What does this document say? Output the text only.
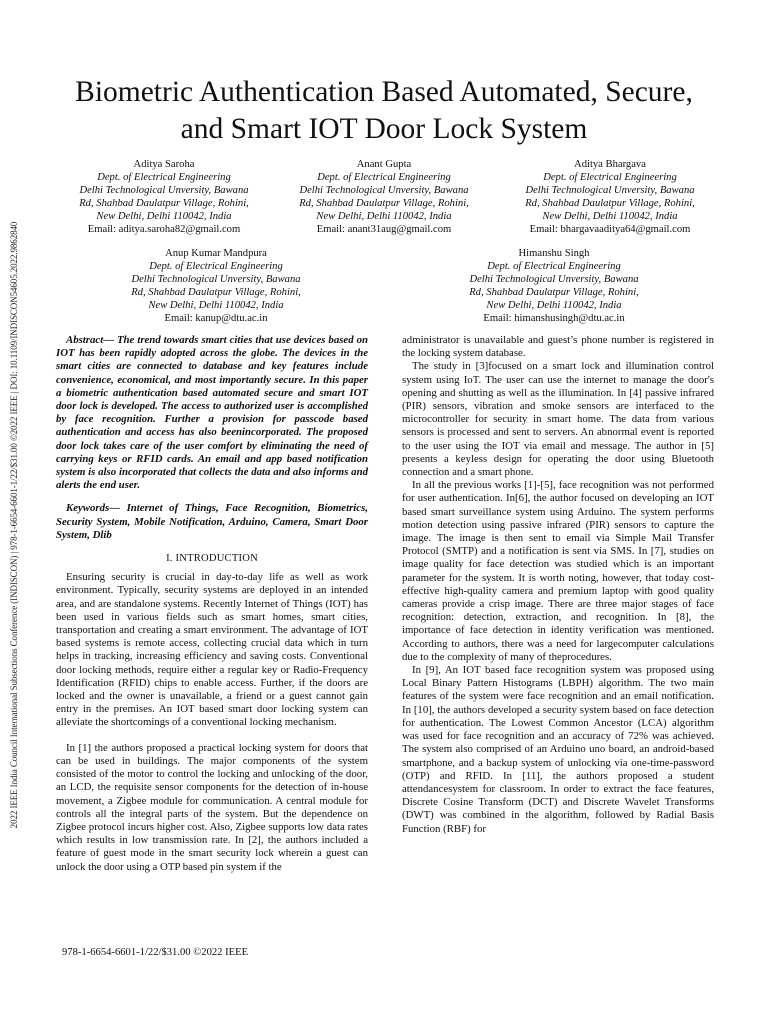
Biometric Authentication Based Automated, Secure,
and Smart IOT Door Lock System
2022 IEEE India Council International Subsections Conference (INDISCON) | 978-1-6654-6601-1/22/$31.00 ©2022 IEEE | DOI: 10.1109/INDISCON54605.2022.9862840
Aditya Saroha
Dept. of Electrical Engineering
Delhi Technological Unversity, Bawana
Rd, Shahbad Daulatpur Village, Rohini,
New Delhi, Delhi 110042, India
Email: aditya.saroha82@gmail.com
Anant Gupta
Dept. of Electrical Engineering
Delhi Technological Unversity, Bawana
Rd, Shahbad Daulatpur Village, Rohini,
New Delhi, Delhi 110042, India
Email: anant31aug@gmail.com
Aditya Bhargava
Dept. of Electrical Engineering
Delhi Technological Unversity, Bawana
Rd, Shahbad Daulatpur Village, Rohini,
New Delhi, Delhi 110042, India
Email: bhargavaaditya64@gmail.com
Anup Kumar Mandpura
Dept. of Electrical Engineering
Delhi Technological Unversity, Bawana
Rd, Shahbad Daulatpur Village, Rohini,
New Delhi, Delhi 110042, India
Email: kanup@dtu.ac.in
Himanshu Singh
Dept. of Electrical Engineering
Delhi Technological Unversity, Bawana
Rd, Shahbad Daulatpur Village, Rohini,
New Delhi, Delhi 110042, India
Email: himanshusingh@dtu.ac.in

Abstract— The trend towards smart cities that use devices based on IOT has been rapidly adopted across the globe. The devices in the smart cities are connected to database and key features include convenience, economical, and most importantly secure. In this paper a biometric authentication based automated secure and smart IOT door lock is developed. The access to authorized user is accomplished by face recognition. Further a provision for passcode based authentication and access has also beenincorporated. The proposed door lock takes care of the user comfort by eliminating the need of carrying keys or RFID cards. An email and app based notification system is also incorporated that collects the data and also informs and alerts the end user.

Keywords— Internet of Things, Face Recognition, Biometrics, Security System, Mobile Notification, Arduino, Camera, Smart Door System, Dlib

I. INTRODUCTION

Ensuring security is crucial in day-to-day life as well as work environment. Typically, security systems are deployed in an intended area, and are standalone systems. Recently Internet of Things (IOT) has been used in various fields such as smart homes, smart cities, transportation and creating a smart environment. The advantage of IOT based systems is remote access, collecting crucial data which in turn helps in tracking, increasing efficiency and saving costs. Conventional door locking methods, require either a regular key or Radio-Frequency Identification (RFID) chips to enable access. Further, if the doors are locked and the owner is unavailable, a friend or a guest cannot gain entry in the premises. An IOT based smart door locking system can alleviate the shortcomings of a conventional locking mechanism.

In [1] the authors proposed a practical locking system for doors that can be used in buildings. The major components of the system consisted of the motor to control the locking and unlocking of the door, an LCD, the requisite sensor components for the detection of in-house movement, a Zigbee module for communication. A central module for controls all the integral parts of the system. But the dependence on Zigbee protocol incurs higher cost. Also, Zigbee supports low data rates which results in low transmission rate. In [2], the authors included a feature of guest mode in the smart security lock wherein a guest can unlock the door using a OTP based pin system if the

administrator is unavailable and guest’s phone number is registered in the locking system database.

The study in [3]focused on a smart lock and illumination control system using IoT. The user can use the internet to manage the door's opening and shutting as well as the illumination. In [4] passive infrared (PIR) sensors, vibration and smoke sensors are interfaced to the microcontroller for security in smart home. The data from various sensors is processed and sent to servers. An abnormal event is reported to the user using the IOT via email and message. The author in [5] presents a keyless design for operating the door using Bluetooth connection and a smart phone.

In all the previous works [1]-[5], face recognition was not performed for user authentication. In[6], the author focused on developing an IOT based smart surveillance system using Arduino. The system performs motion detection using passive infrared (PIR) sensors to capture the image. The image is then sent to email via Simple Mail Transfer Protocol (SMTP) and a notification is sent via SMS. In [7], studies on image quality for face detection was studied which is an important parameter for the system. It is worth noting, however, that today cost-effective high-quality camera and premium laptop with good quality cameras provide a crisp image. There are three major stages of face recognition: detection, extraction, and recognition. In [8], the importance of face detection in identity verification was mentioned. According to authors, there was a need for largecomputer calculations due to the complexity of many of theprocedures.

In [9], An IOT based face recognition system was proposed using Local Binary Pattern Histograms (LBPH) algorithm. The two main features of the system were face recognition and an email notification. In [10], the authors developed a security system based on face detection for authentication. The Lowest Common Ancestor (LCA) algorithm was used for face recognition and an accuracy of 72% was achieved. The system also comprised of an Arduino uno board, an android-based smartphone, and a backup system of unlocking via one-time-password (OTP) and RFID. In [11], the authors proposed a student attendancesystem for classroom. In order to extract the face features, Discrete Cosine Transform (DCT) and Discrete Wavelet Transforms (DWT) was combined in the algorithm, followed by Radial Basis Function (RBF) for

978-1-6654-6601-1/22/$31.00 ©2022 IEEE
